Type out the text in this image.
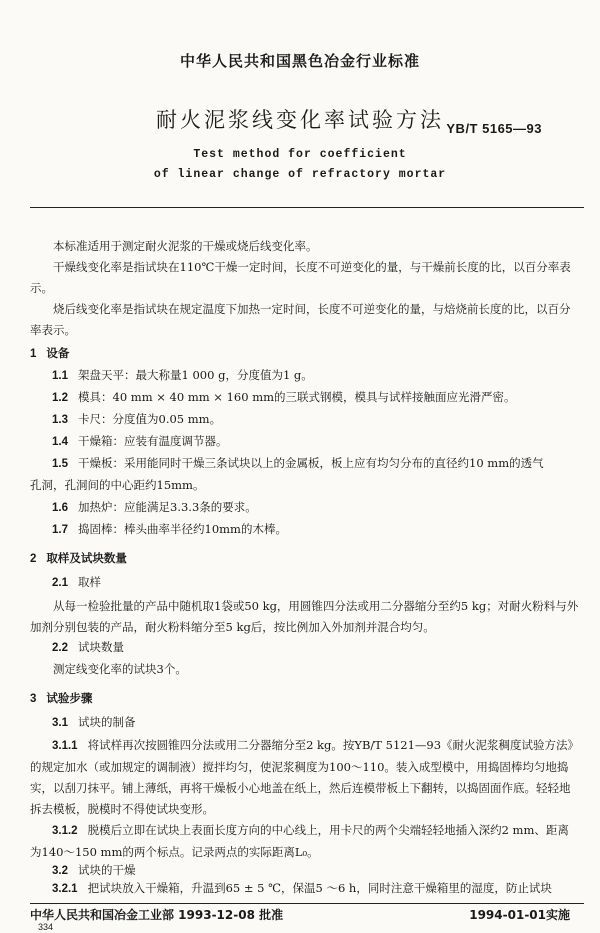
中华人民共和国黑色冶金行业标准
耐火泥浆线变化率试验方法 YB/T 5165—93
Test method for coefficient
of linear change of refractory mortar
本标准适用于测定耐火泥浆的干燥或烧后线变化率。
干燥线变化率是指试块在110℃干燥一定时间，长度不可逆变化的量，与干燥前长度的比，以百分率表示。
烧后线变化率是指试块在规定温度下加热一定时间，长度不可逆变化的量，与焙烧前长度的比，以百分率表示。
1 设备
1.1 架盘天平：最大称量1 000 g，分度值为1 g。
1.2 模具：40 mm × 40 mm × 160 mm的三联式钢模，模具与试样接触面应光滑严密。
1.3 卡尺：分度值为0.05 mm。
1.4 干燥箱：应装有温度调节器。
1.5 干燥板：采用能同时干燥三条试块以上的金属板，板上应有均匀分布的直径约10 mm的透气
孔洞，孔洞间的中心距约15mm。
1.6 加热炉：应能满足3.3.3条的要求。
1.7 捣固棒：棒头曲率半径约10mm的木棒。
2 取样及试块数量
2.1 取样
从每一检验批量的产品中随机取1袋或50 kg，用圆锥四分法或用二分器缩分至约5 kg；对耐火粉料与外加剂分别包装的产品，耐火粉料缩分至5 kg后，按比例加入外加剂并混合均匀。
2.2 试块数量
测定线变化率的试块3个。
3 试验步骤
3.1 试块的制备
3.1.1 将试样再次按圆锥四分法或用二分器缩分至2 kg。按YB/T 5121—93《耐火泥浆稠度试验方法》的规定加水（或加规定的调制液）搅拌均匀，使泥浆稠度为100～110。装入成型模中，用捣固棒均匀地捣实，以刮刀抹平。铺上薄纸，再将干燥板小心地盖在纸上，然后连模带板上下翻转，以捣固面作底。轻轻地拆去模板，脱模时不得使试块变形。
3.1.2 脱模后立即在试块上表面长度方向的中心线上，用卡尺的两个尖端轻轻地插入深约2 mm、距离为140～150 mm的两个标点。记录两点的实际距离L₀。
3.2 试块的干燥
3.2.1 把试块放入干燥箱，升温到65 ± 5 ℃，保温5 ～6 h，同时注意干燥箱里的湿度，防止试块
中华人民共和国冶金工业部 1993-12-08 批准	1994-01-01实施
334
